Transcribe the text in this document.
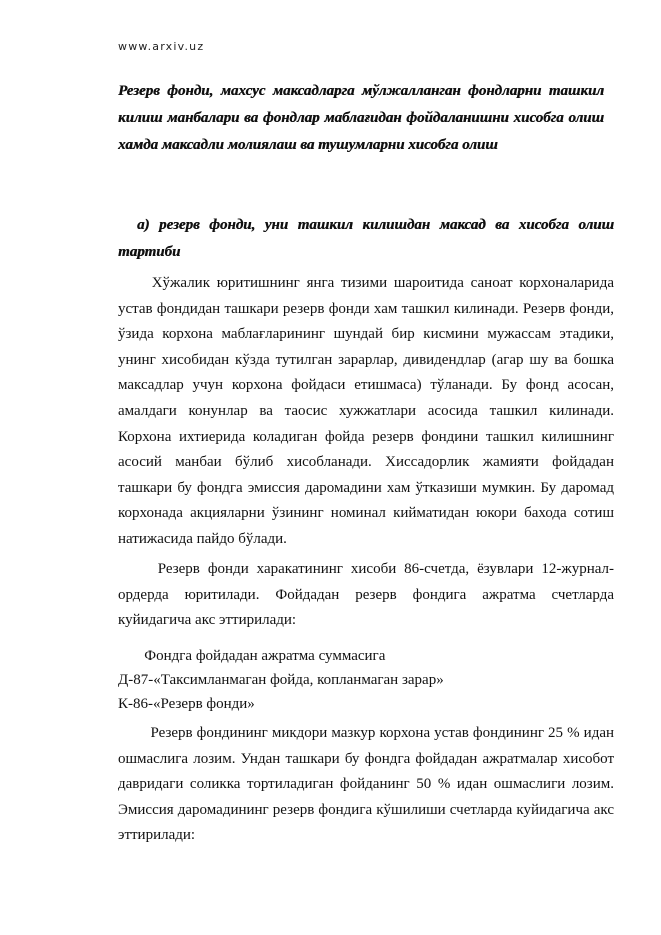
www.arxiv.uz
Резерв фонди, махсус максадларга мўлжалланган фондларни ташкил килиш манбалари ва фондлар маблағидан фойдаланишни хисобга олиш хамда максадли молиялаш ва тушумларни хисобга олиш
а) резерв фонди, уни ташкил килишдан максад ва хисобга олиш тартиби
Хўжалик юритишнинг янга тизими шароитида саноат корхоналарида устав фондидан ташкари резерв фонди хам ташкил килинади. Резерв фонди, ўзида корхона маблағларининг шундай бир кисмини мужассам этадики, унинг хисобидан кўзда тутилган зарарлар, дивидендлар (агар шу ва бошка максадлар учун корхона фойдаси етишмаса) тўланади. Бу фонд асосан, амалдаги конунлар ва таосис хужжатлари асосида ташкил килинади. Корхона ихтиерида коладиган фойда резерв фондини ташкил килишнинг асосий манбаи бўлиб хисобланади. Хиссадорлик жамияти фойдадан ташкари бу фондга эмиссия даромадини хам ўтказиши мумкин. Бу даромад корхонада акцияларни ўзининг номинал кийматидан юкори бахода сотиш натижасида пайдо бўлади.
Резерв фонди харакатининг хисоби 86-счетда, ёзувлари 12-журнал-ордерда юритилади. Фойдадан резерв фондига ажратма счетларда куйидагича акс эттирилади:
Фондга фойдадан ажратма суммасига
Д-87-«Таксимланмаган фойда, копланмаган зарар»
К-86-«Резерв фонди»
Резерв фондининг микдори мазкур корхона устав фондининг 25 % идан ошмаслига лозим. Ундан ташкари бу фондга фойдадан ажратмалар хисобот давридаги соликка тортиладиган фойданинг 50 % идан ошмаслиги лозим. Эмиссия даромадининг резерв фондига кўшилиши счетларда куйидагича акс эттирилади:
